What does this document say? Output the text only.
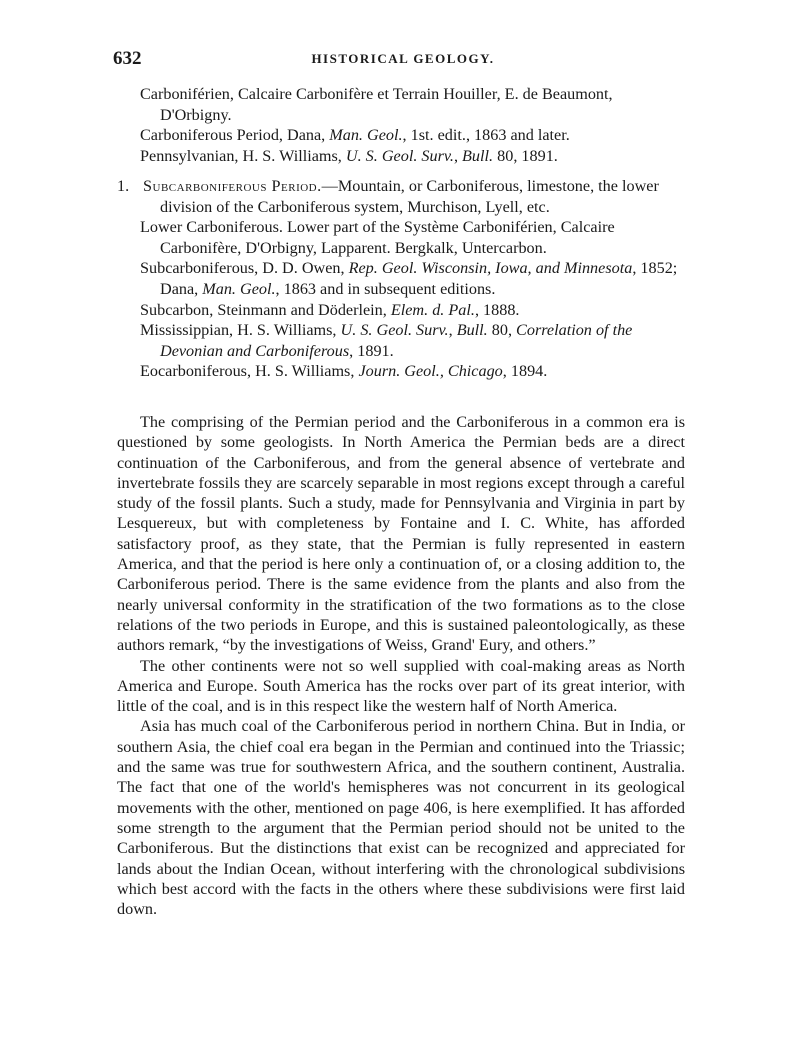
632	HISTORICAL GEOLOGY.

Carboniférien, Calcaire Carbonifère et Terrain Houiller, E. de Beaumont, D'Orbigny.

Carboniferous Period, Dana, Man. Geol., 1st. edit., 1863 and later.

Pennsylvanian, H. S. Williams, U. S. Geol. Surv., Bull. 80, 1891.

1. Subcarboniferous Period.—Mountain, or Carboniferous, limestone, the lower division of the Carboniferous system, Murchison, Lyell, etc.

Lower Carboniferous. Lower part of the Système Carboniférien, Calcaire Carbonifère, D'Orbigny, Lapparent. Bergkalk, Untercarbon.

Subcarboniferous, D. D. Owen, Rep. Geol. Wisconsin, Iowa, and Minnesota, 1852; Dana, Man. Geol., 1863 and in subsequent editions.

Subcarbon, Steinmann and Döderlein, Elem. d. Pal., 1888.

Mississippian, H. S. Williams, U. S. Geol. Surv., Bull. 80, Correlation of the Devonian and Carboniferous, 1891.

Eocarboniferous, H. S. Williams, Journ. Geol., Chicago, 1894.

The comprising of the Permian period and the Carboniferous in a common era is questioned by some geologists. In North America the Permian beds are a direct continuation of the Carboniferous, and from the general absence of vertebrate and invertebrate fossils they are scarcely separable in most regions except through a careful study of the fossil plants. Such a study, made for Pennsylvania and Virginia in part by Lesquereux, but with completeness by Fontaine and I. C. White, has afforded satisfactory proof, as they state, that the Permian is fully represented in eastern America, and that the period is here only a continuation of, or a closing addition to, the Carboniferous period. There is the same evidence from the plants and also from the nearly universal conformity in the stratification of the two formations as to the close relations of the two periods in Europe, and this is sustained paleontologically, as these authors remark, “by the investigations of Weiss, Grand' Eury, and others.”

The other continents were not so well supplied with coal-making areas as North America and Europe. South America has the rocks over part of its great interior, with little of the coal, and is in this respect like the western half of North America.

Asia has much coal of the Carboniferous period in northern China. But in India, or southern Asia, the chief coal era began in the Permian and continued into the Triassic; and the same was true for southwestern Africa, and the southern continent, Australia. The fact that one of the world's hemispheres was not concurrent in its geological movements with the other, mentioned on page 406, is here exemplified. It has afforded some strength to the argument that the Permian period should not be united to the Carboniferous. But the distinctions that exist can be recognized and appreciated for lands about the Indian Ocean, without interfering with the chronological subdivisions which best accord with the facts in the others where these subdivisions were first laid down.
